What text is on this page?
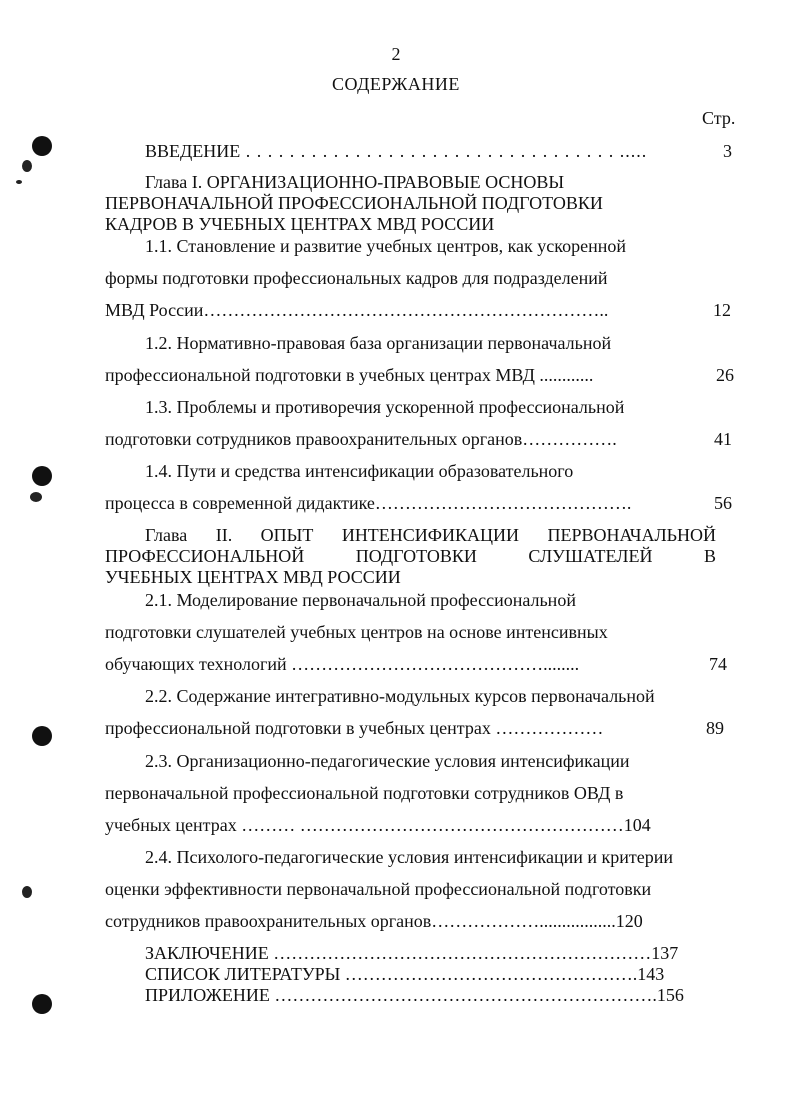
2
СОДЕРЖАНИЕ
Стр.
ВВЕДЕНИЕ . . . . . . . . . . . . . . . . . . . . . . . . . . . . . . . . . . .....	3
Глава I. ОРГАНИЗАЦИОННО-ПРАВОВЫЕ ОСНОВЫ
ПЕРВОНАЧАЛЬНОЙ ПРОФЕССИОНАЛЬНОЙ ПОДГОТОВКИ
КАДРОВ В УЧЕБНЫХ ЦЕНТРАХ МВД РОССИИ
1.1. Становление и развитие учебных центров, как ускоренной
формы подготовки профессиональных кадров для подразделений
МВД России…………………………………………………………..	12
1.2. Нормативно-правовая база организации первоначальной
профессиональной подготовки в учебных центрах МВД ............	26
1.3. Проблемы и противоречия ускоренной профессиональной
подготовки сотрудников правоохранительных органов…………….	41
1.4. Пути и средства интенсификации образовательного
процесса в современной дидактике…………………………………….	56
Глава II. ОПЫТ ИНТЕНСИФИКАЦИИ ПЕРВОНАЧАЛЬНОЙ
ПРОФЕССИОНАЛЬНОЙ ПОДГОТОВКИ СЛУШАТЕЛЕЙ В
УЧЕБНЫХ ЦЕНТРАХ МВД РОССИИ
2.1. Моделирование первоначальной профессиональной
подготовки слушателей учебных центров на основе интенсивных
обучающих технологий ……………………………………........	74
2.2. Содержание интегративно-модульных курсов первоначальной
профессиональной подготовки в учебных центрах ………………	89
2.3. Организационно-педагогические условия интенсификации
первоначальной профессиональной подготовки сотрудников ОВД в
учебных центрах ……… ………………………………………………104
2.4. Психолого-педагогические условия интенсификации и критерии
оценки эффективности первоначальной профессиональной подготовки
сотрудников правоохранительных органов……………….................120
ЗАКЛЮЧЕНИЕ ………………………………………………………137
СПИСОК ЛИТЕРАТУРЫ ………………………………………….143
ПРИЛОЖЕНИЕ ……………………………………………………….156
